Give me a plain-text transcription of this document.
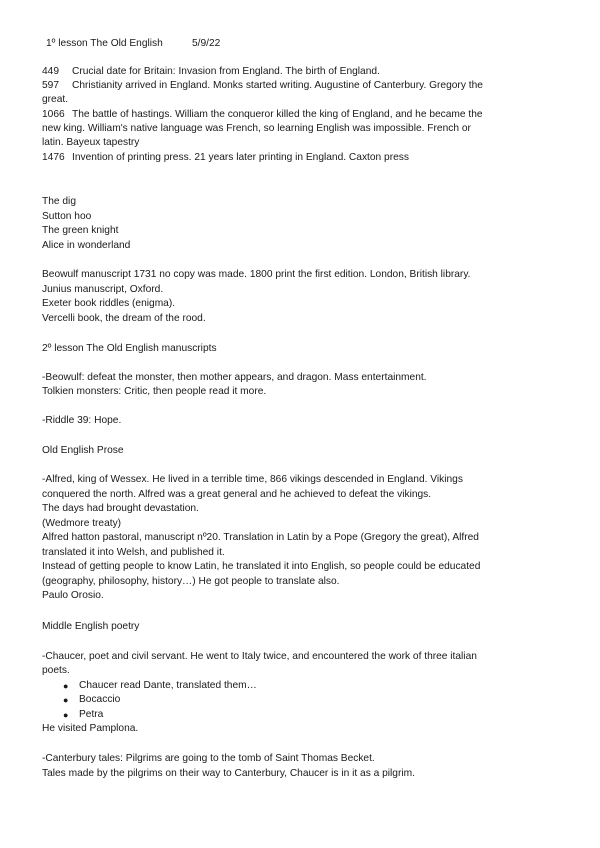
1º lesson The Old English	5/9/22
449 Crucial date for Britain: Invasion from England. The birth of England.
597 Christianity arrived in England. Monks started writing. Augustine of Canterbury. Gregory the
great.
1066 The battle of hastings. William the conqueror killed the king of England, and he became the
new king. William's native language was French, so learning English was impossible. French or
latin. Bayeux tapestry
1476 Invention of printing press. 21 years later printing in England. Caxton press
The dig
Sutton hoo
The green knight
Alice in wonderland
Beowulf manuscript 1731 no copy was made. 1800 print the first edition. London, British library.
Junius manuscript, Oxford.
Exeter book riddles (enigma).
Vercelli book, the dream of the rood.
2º lesson The Old English manuscripts
-Beowulf: defeat the monster, then mother appears, and dragon. Mass entertainment.
Tolkien monsters: Critic, then people read it more.
-Riddle 39: Hope.
Old English Prose
-Alfred, king of Wessex. He lived in a terrible time, 866 vikings descended in England. Vikings
conquered the north. Alfred was a great general and he achieved to defeat the vikings.
The days had brought devastation.
(Wedmore treaty)
Alfred hatton pastoral, manuscript nº20. Translation in Latin by a Pope (Gregory the great), Alfred
translated it into Welsh, and published it.
Instead of getting people to know Latin, he translated it into English, so people could be educated
(geography, philosophy, history…) He got people to translate also.
Paulo Orosio.
Middle English poetry
-Chaucer, poet and civil servant. He went to Italy twice, and encountered the work of three italian
poets.
● Chaucer read Dante, translated them…
● Bocaccio
● Petra
He visited Pamplona.
-Canterbury tales: Pilgrims are going to the tomb of Saint Thomas Becket.
Tales made by the pilgrims on their way to Canterbury, Chaucer is in it as a pilgrim.
